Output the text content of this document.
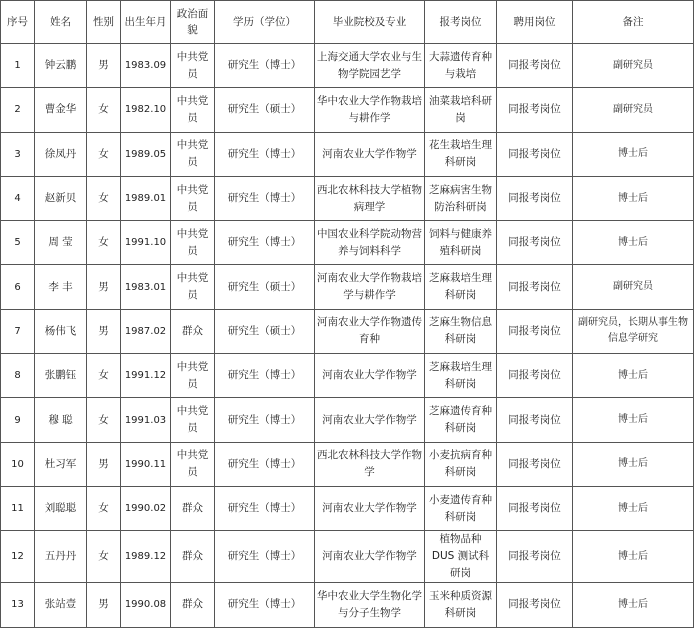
序号	姓名	性别	出生年月	政治面貌	学历（学位）	毕业院校及专业	报考岗位	聘用岗位	备注
1	钟云鹏	男	1983.09	中共党员	研究生（博士）	上海交通大学农业与生物学院园艺学	大蒜遗传育种与栽培	同报考岗位	副研究员
2	曹金华	女	1982.10	中共党员	研究生（硕士）	华中农业大学作物栽培与耕作学	油菜栽培科研岗	同报考岗位	副研究员
3	徐凤丹	女	1989.05	中共党员	研究生（博士）	河南农业大学作物学	花生栽培生理科研岗	同报考岗位	博士后
4	赵新贝	女	1989.01	中共党员	研究生（博士）	西北农林科技大学植物病理学	芝麻病害生物防治科研岗	同报考岗位	博士后
5	周 莹	女	1991.10	中共党员	研究生（博士）	中国农业科学院动物营养与饲料科学	饲料与健康养殖科研岗	同报考岗位	博士后
6	李 丰	男	1983.01	中共党员	研究生（硕士）	河南农业大学作物栽培学与耕作学	芝麻栽培生理科研岗	同报考岗位	副研究员
7	杨伟飞	男	1987.02	群众	研究生（硕士）	河南农业大学作物遗传育种	芝麻生物信息科研岗	同报考岗位	副研究员，长期从事生物信息学研究
8	张鹏钰	女	1991.12	中共党员	研究生（博士）	河南农业大学作物学	芝麻栽培生理科研岗	同报考岗位	博士后
9	穆 聪	女	1991.03	中共党员	研究生（博士）	河南农业大学作物学	芝麻遗传育种科研岗	同报考岗位	博士后
10	杜习军	男	1990.11	中共党员	研究生（博士）	西北农林科技大学作物学	小麦抗病育种科研岗	同报考岗位	博士后
11	刘聪聪	女	1990.02	群众	研究生（博士）	河南农业大学作物学	小麦遗传育种科研岗	同报考岗位	博士后
12	五丹丹	女	1989.12	群众	研究生（博士）	河南农业大学作物学	植物品种 DUS 测试科研岗	同报考岗位	博士后
13	张站壹	男	1990.08	群众	研究生（博士）	华中农业大学生物化学与分子生物学	玉米种质资源科研岗	同报考岗位	博士后
